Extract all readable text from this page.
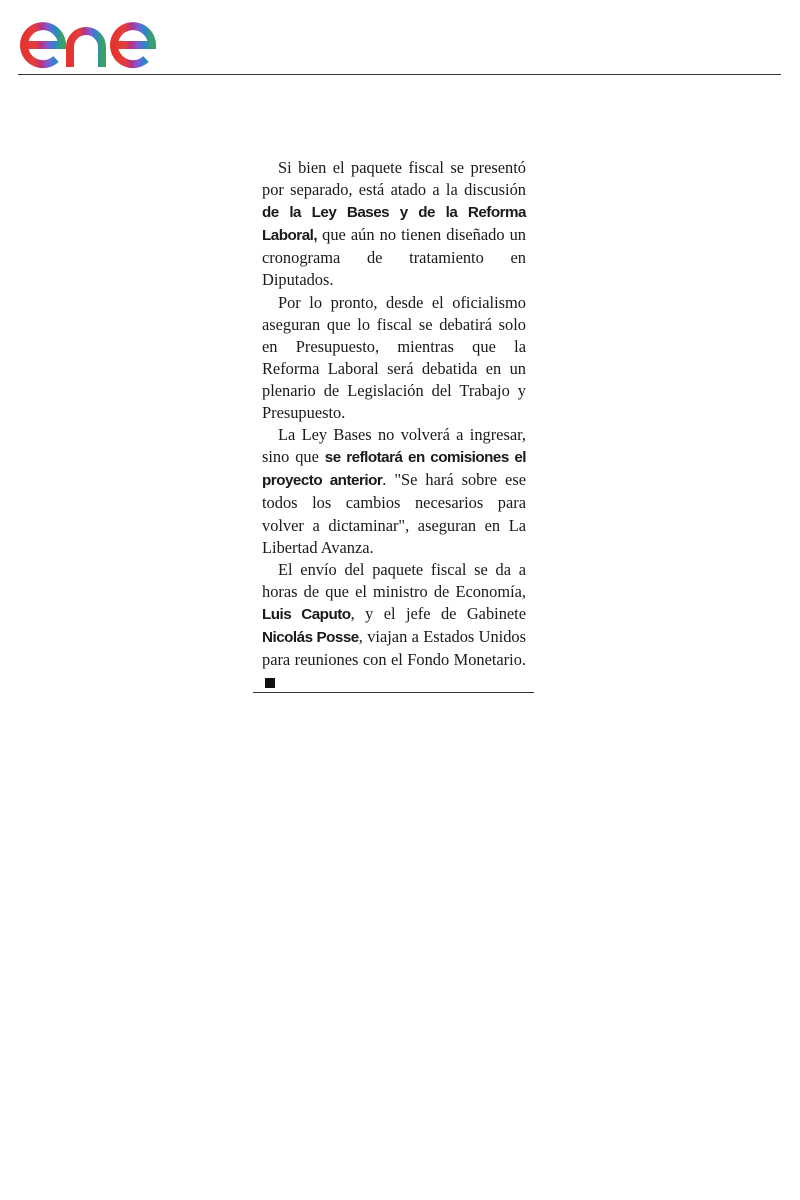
Si bien el paquete fiscal se presentó por separado, está atado a la discusión de la Ley Bases y de la Reforma Laboral, que aún no tienen diseñado un cronograma de tratamiento en Diputados.

Por lo pronto, desde el oficialismo aseguran que lo fiscal se debatirá solo en Presupuesto, mientras que la Reforma Laboral será debatida en un plenario de Legislación del Trabajo y Presupuesto.

La Ley Bases no volverá a ingresar, sino que se reflotará en comisiones el proyecto anterior. "Se hará sobre ese todos los cambios necesarios para volver a dictaminar", aseguran en La Libertad Avanza.

El envío del paquete fiscal se da a horas de que el ministro de Economía, Luis Caputo, y el jefe de Gabinete Nicolás Posse, viajan a Estados Unidos para reuniones con el Fondo Monetario.
